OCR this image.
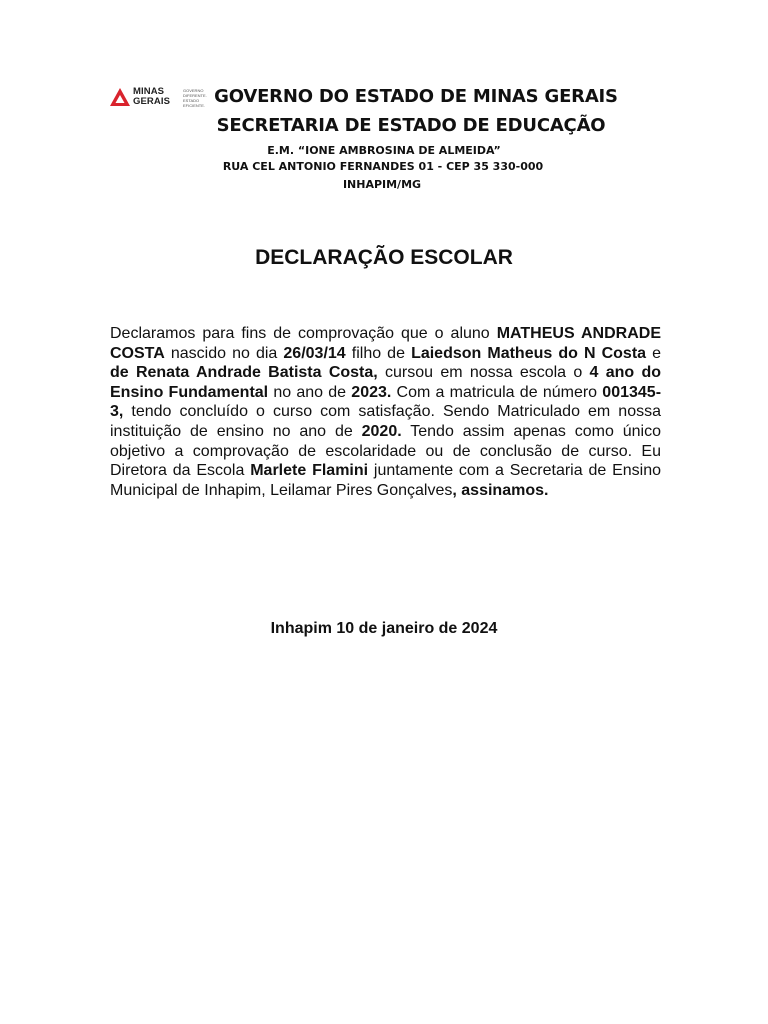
MINAS
GERAIS
GOVERNO
DIFERENTE.
ESTADO
EFICIENTE. GOVERNO DO ESTADO DE MINAS GERAIS
SECRETARIA DE ESTADO DE EDUCAÇÃO
E.M. “IONE AMBROSINA DE ALMEIDA”
RUA CEL ANTONIO FERNANDES 01 - CEP 35 330-000
INHAPIM/MG
DECLARAÇÃO ESCOLAR
Declaramos para fins de comprovação que o aluno MATHEUS ANDRADE COSTA nascido no dia 26/03/14 filho de Laiedson Matheus do N Costa e de Renata Andrade Batista Costa, cursou em nossa escola o 4 ano do Ensino Fundamental no ano de 2023. Com a matricula de número 001345-3, tendo concluído o curso com satisfação. Sendo Matriculado em nossa instituição de ensino no ano de 2020. Tendo assim apenas como único objetivo a comprovação de escolaridade ou de conclusão de curso. Eu Diretora da Escola Marlete Flamini juntamente com a Secretaria de Ensino Municipal de Inhapim, Leilamar Pires Gonçalves, assinamos.
Inhapim 10 de janeiro de 2024
